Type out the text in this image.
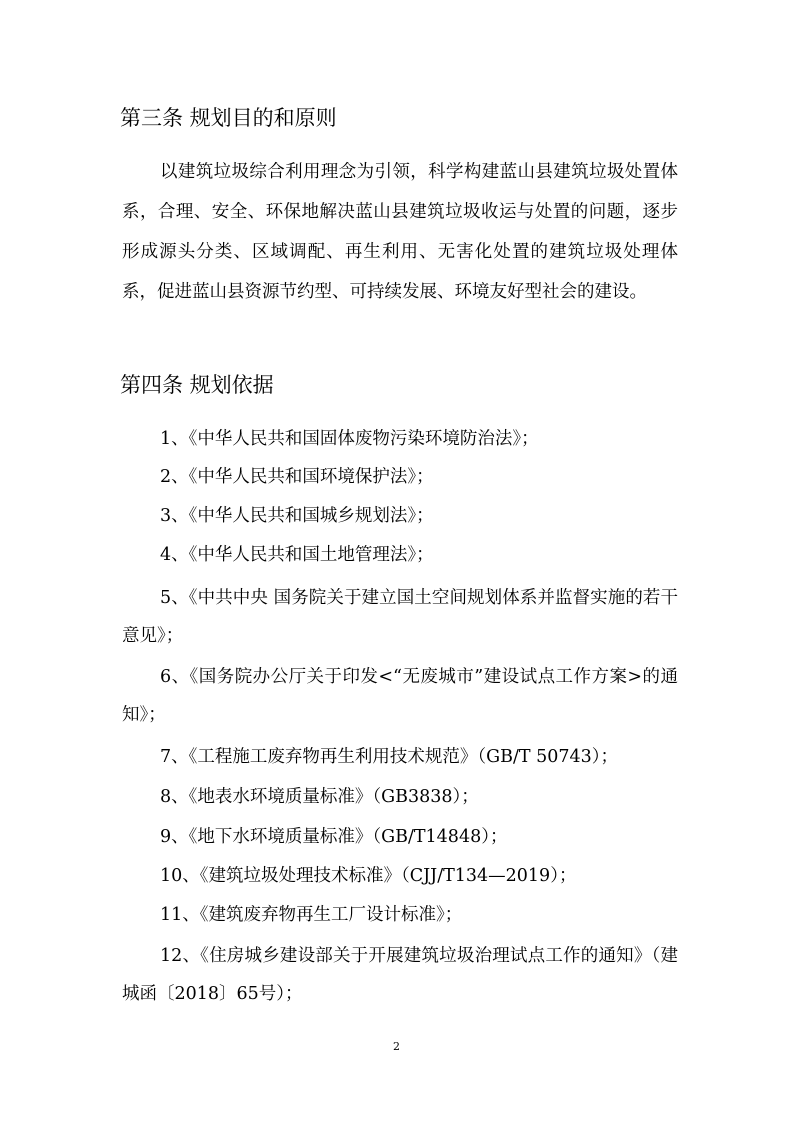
第三条 规划目的和原则
以建筑垃圾综合利用理念为引领，科学构建蓝山县建筑垃圾处置体系，合理、安全、环保地解决蓝山县建筑垃圾收运与处置的问题，逐步形成源头分类、区域调配、再生利用、无害化处置的建筑垃圾处理体系，促进蓝山县资源节约型、可持续发展、环境友好型社会的建设。
第四条 规划依据
1、《中华人民共和国固体废物污染环境防治法》；
2、《中华人民共和国环境保护法》；
3、《中华人民共和国城乡规划法》；
4、《中华人民共和国土地管理法》；
5、《中共中央 国务院关于建立国土空间规划体系并监督实施的若干意见》；
6、《国务院办公厅关于印发<“无废城市”建设试点工作方案>的通知》；
7、《工程施工废弃物再生利用技术规范》（GB/T 50743）；
8、《地表水环境质量标准》（GB3838）；
9、《地下水环境质量标准》（GB/T14848）；
10、《建筑垃圾处理技术标准》（CJJ/T134—2019）；
11、《建筑废弃物再生工厂设计标准》；
12、《住房城乡建设部关于开展建筑垃圾治理试点工作的通知》（建城函〔2018〕65号）；
2
